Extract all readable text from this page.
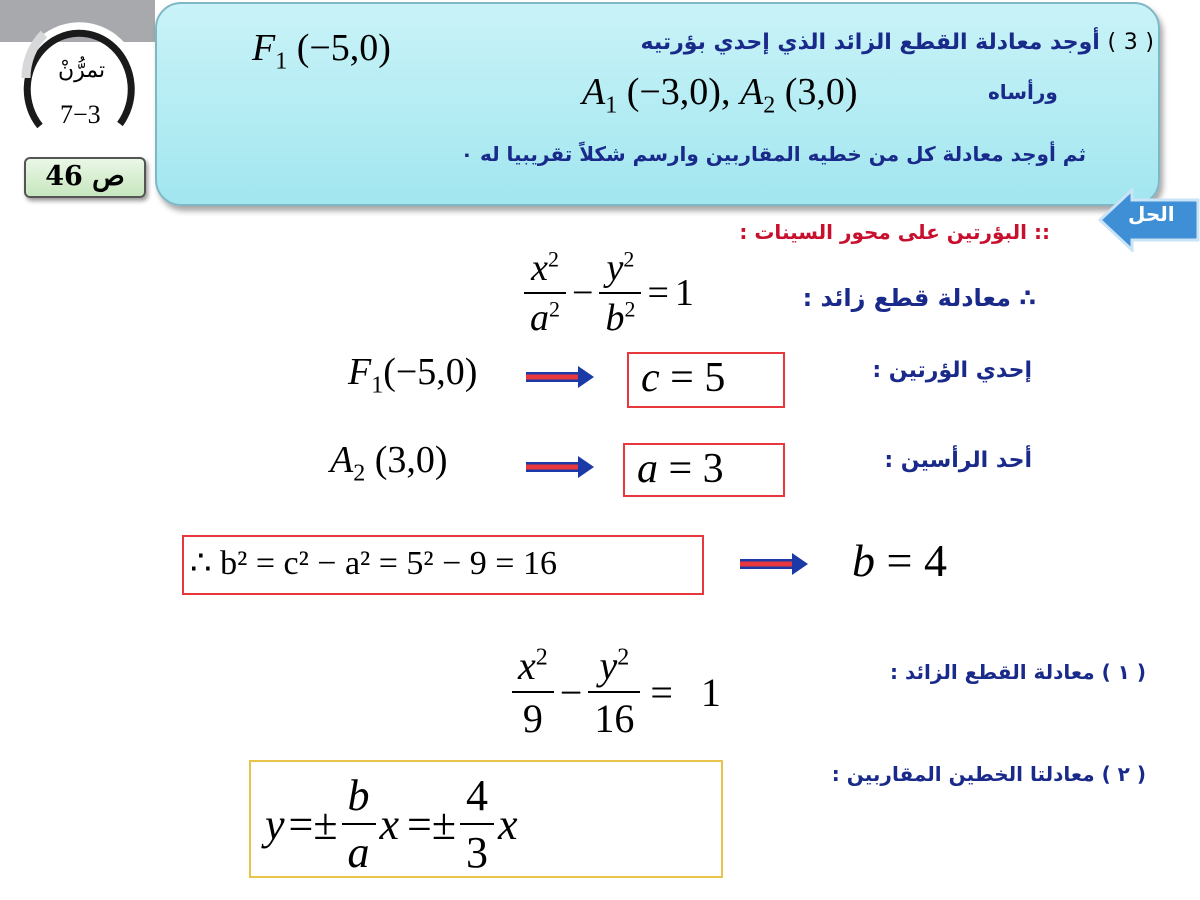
تمرُّنْ
7−3
ص 46
( 3 ) أوجد معادلة القطع الزائد الذي إحدي بؤرتيه
$F_1$ (−5,0)
ورأساه
$A_1$ (−3,0), $A_2$ (3,0)
ثم أوجد معادلة كل من خطيه المقاربين وارسم شكلاً تقريبيا له ٠
الحل
:: البؤرتين على محور السينات :
$\frac{x^2}{a^2} - \frac{y^2}{b^2} = 1$	∴ معادلة قطع زائد :
$F_1(-5,0)$	c = 5	إحدي الؤرتين :
$A_2$ (3,0)	a = 3	أحد الرأسين :
∴ b² = c² − a² = 5² − 9 = 16	b = 4
$\frac{x^2}{9} - \frac{y^2}{16} = 1$	( ١ ) معادلة القطع الزائد :
$y =\pm \frac{b}{a}$ $x =\pm \frac{4}{3}$ x
( ٢ ) معادلتا الخطين المقاربين :
